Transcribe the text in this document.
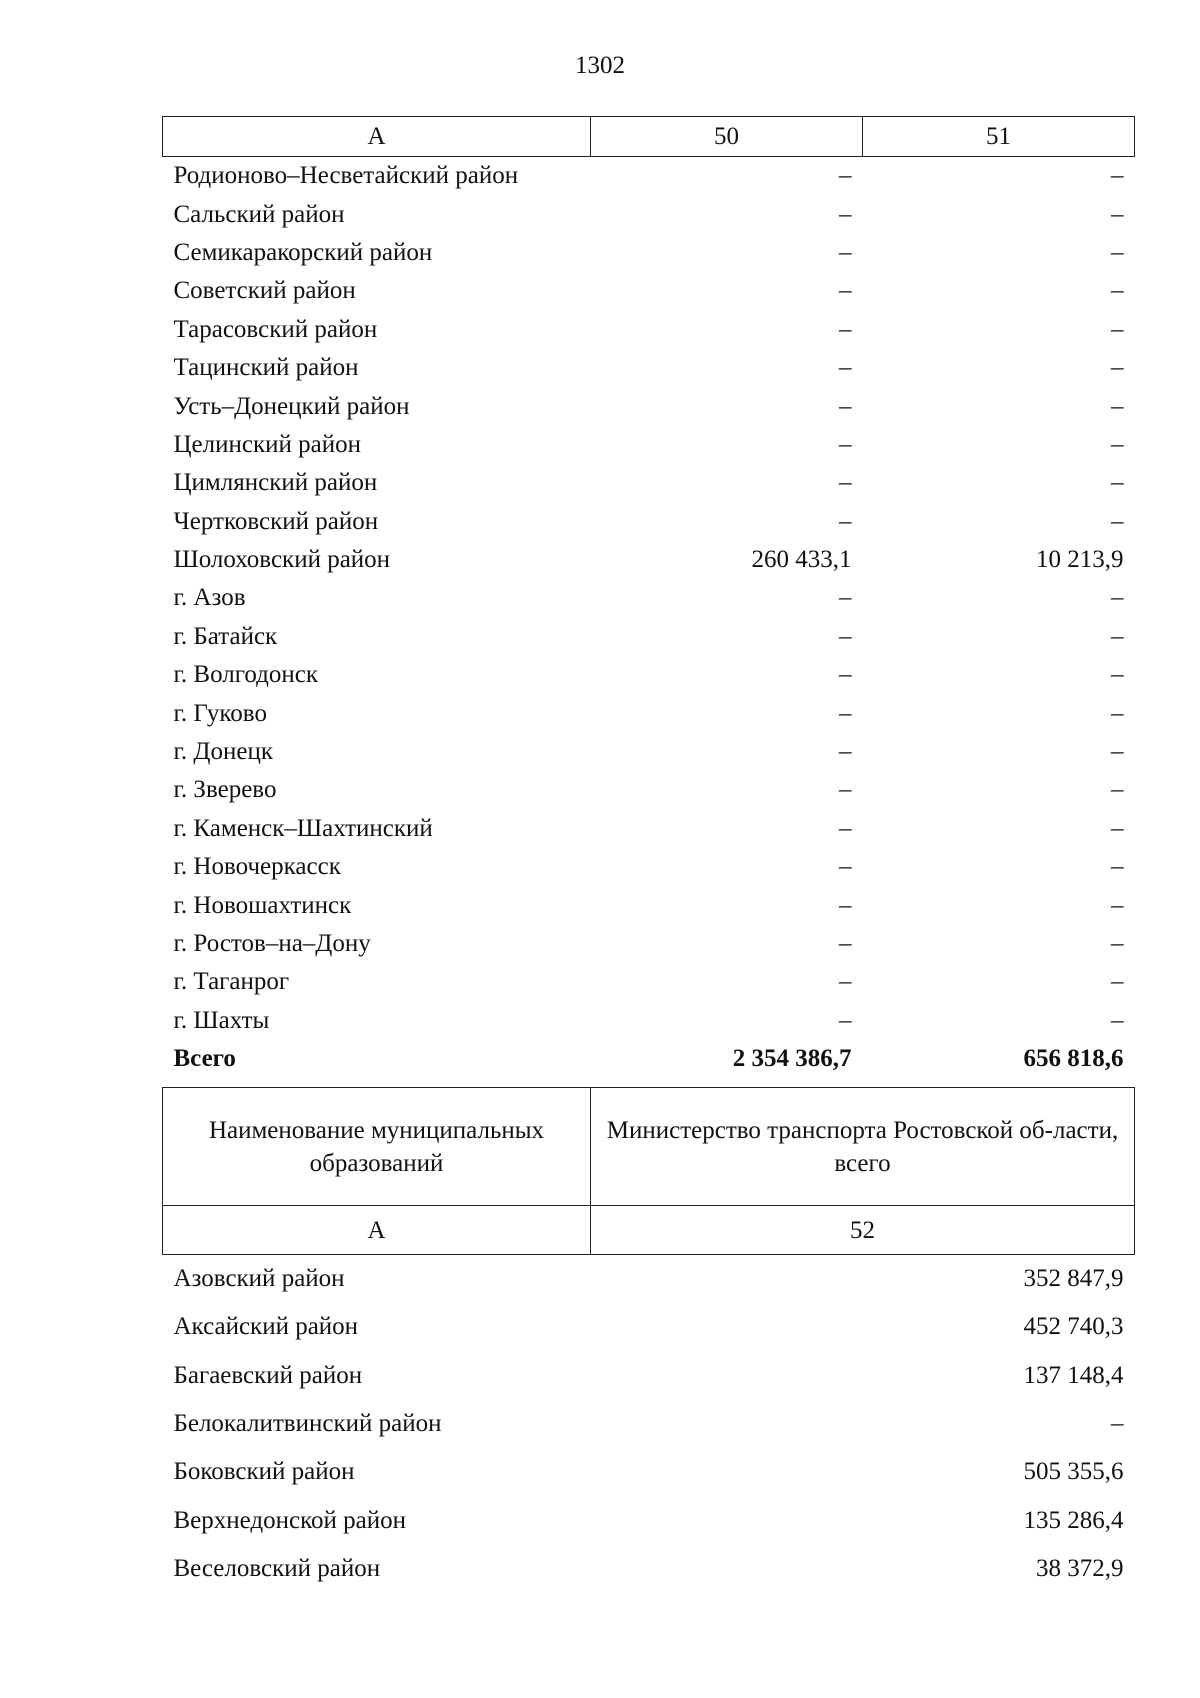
1302
А	50	51
Родионово–Несветайский район	–	–
Сальский район	–	–
Семикаракорский район	–	–
Советский район	–	–
Тарасовский район	–	–
Тацинский район	–	–
Усть–Донецкий район	–	–
Целинский район	–	–
Цимлянский район	–	–
Чертковский район	–	–
Шолоховский район	260 433,1	10 213,9
г. Азов	–	–
г. Батайск	–	–
г. Волгодонск	–	–
г. Гуково	–	–
г. Донецк	–	–
г. Зверево	–	–
г. Каменск–Шахтинский	–	–
г. Новочеркасск	–	–
г. Новошахтинск	–	–
г. Ростов–на–Дону	–	–
г. Таганрог	–	–
г. Шахты	–	–
Всего	2 354 386,7	656 818,6
Наименование муниципальных образований	Министерство транспорта Ростовской об-ласти, всего
А	52
Азовский район	352 847,9
Аксайский район	452 740,3
Багаевский район	137 148,4
Белокалитвинский район	–
Боковский район	505 355,6
Верхнедонской район	135 286,4
Веселовский район	38 372,9
